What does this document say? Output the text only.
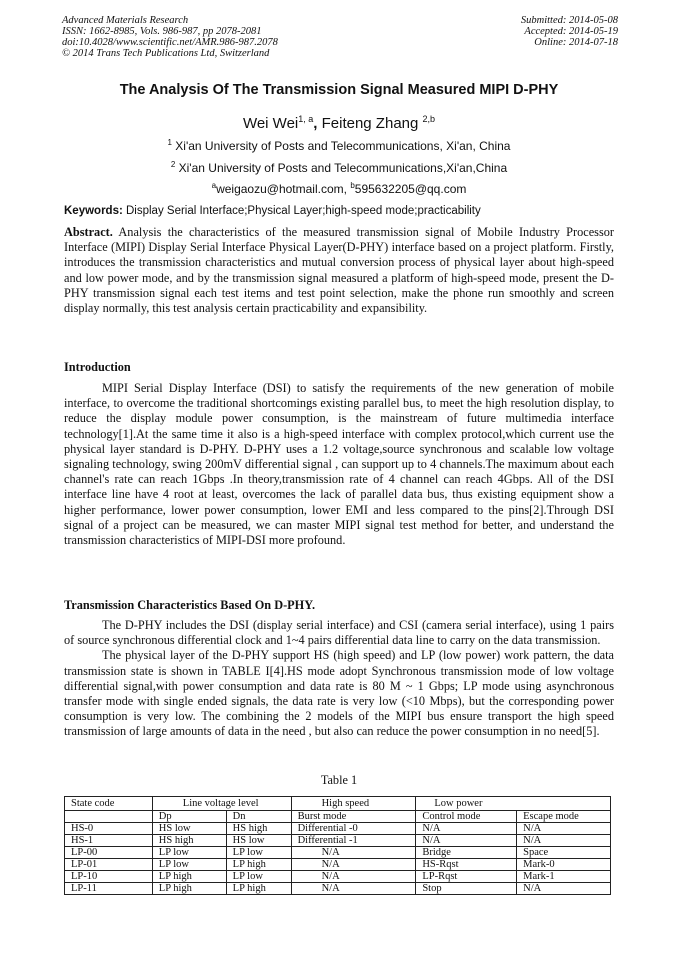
Advanced Materials Research
ISSN: 1662-8985, Vols. 986-987, pp 2078-2081
doi:10.4028/www.scientific.net/AMR.986-987.2078
© 2014 Trans Tech Publications Ltd, Switzerland
Submitted: 2014-05-08
Accepted: 2014-05-19
Online: 2014-07-18
The Analysis Of The Transmission Signal Measured MIPI D-PHY
Wei Wei$^{1, a}$, Feiteng Zhang $^{2,b}$
$^1$ Xi'an University of Posts and Telecommunications, Xi'an, China
$^2$ Xi'an University of Posts and Telecommunications,Xi'an,China
$^a$weigaozu@hotmail.com, $^b$595632205@qq.com
Keywords: Display Serial Interface;Physical Layer;high-speed mode;practicability

Abstract. Analysis the characteristics of the measured transmission signal of Mobile Industry Processor Interface (MIPI) Display Serial Interface Physical Layer(D-PHY) interface based on a project platform. Firstly, introduces the transmission characteristics and mutual conversion process of physical layer about high-speed and low power mode, and by the transmission signal measured a platform of high-speed mode, present the D-PHY transmission signal each test items and test point selection, make the phone run smoothly and screen display normally, this test analysis certain practicability and expansibility.

Introduction

MIPI Serial Display Interface (DSI) to satisfy the requirements of the new generation of mobile interface, to overcome the traditional shortcomings existing parallel bus, to meet the high resolution display, to reduce the display module power consumption, is the mainstream of future multimedia interface technology[1].At the same time it also is a high-speed interface with complex protocol,which current use the physical layer standard is D-PHY. D-PHY uses a 1.2 voltage,source synchronous and scalable low voltage signaling technology, swing 200mV differential signal , can support up to 4 channels.The maximum about each channel's rate can reach 1Gbps .In theory,transmission rate of 4 channel can reach 4Gbps. All of the DSI interface line have 4 root at least, overcomes the lack of parallel data bus, thus existing equipment show a higher performance, lower power consumption, lower EMI and less compared to the pins[2].Through DSI signal of a project can be measured, we can master MIPI signal test method for better, and understand the transmission characteristics of MIPI-DSI more profound.

Transmission Characteristics Based On D-PHY.

The D-PHY includes the DSI (display serial interface) and CSI (camera serial interface), using 1 pairs of source synchronous differential clock and 1~4 pairs differential data line to carry on the data transmission.

The physical layer of the D-PHY support HS (high speed) and LP (low power) work pattern, the data transmission state is shown in TABLE I[4].HS mode adopt Synchronous transmission mode of low voltage differential signal,with power consumption and data rate is 80 M ~ 1 Gbps; LP mode using asynchronous transfer mode with single ended signals, the data rate is very low (<10 Mbps), but the corresponding power consumption is very low. The combining the 2 models of the MIPI bus ensure transport the high speed transmission of large amounts of data in the need , but also can reduce the power consumption in no need[5].

Table 1
State code	Line voltage level		High speed	Low power	
	Dp	Dn	Burst mode	Control mode	Escape mode
HS-0	HS low	HS high	Differential -0	N/A	N/A
HS-1	HS high	HS low	Differential -1	N/A	N/A
LP-00	LP low	LP low	N/A	Bridge	Space
LP-01	LP low	LP high	N/A	HS-Rqst	Mark-0
LP-10	LP high	LP low	N/A	LP-Rqst	Mark-1
LP-11	LP high	LP high	N/A	Stop	N/A
